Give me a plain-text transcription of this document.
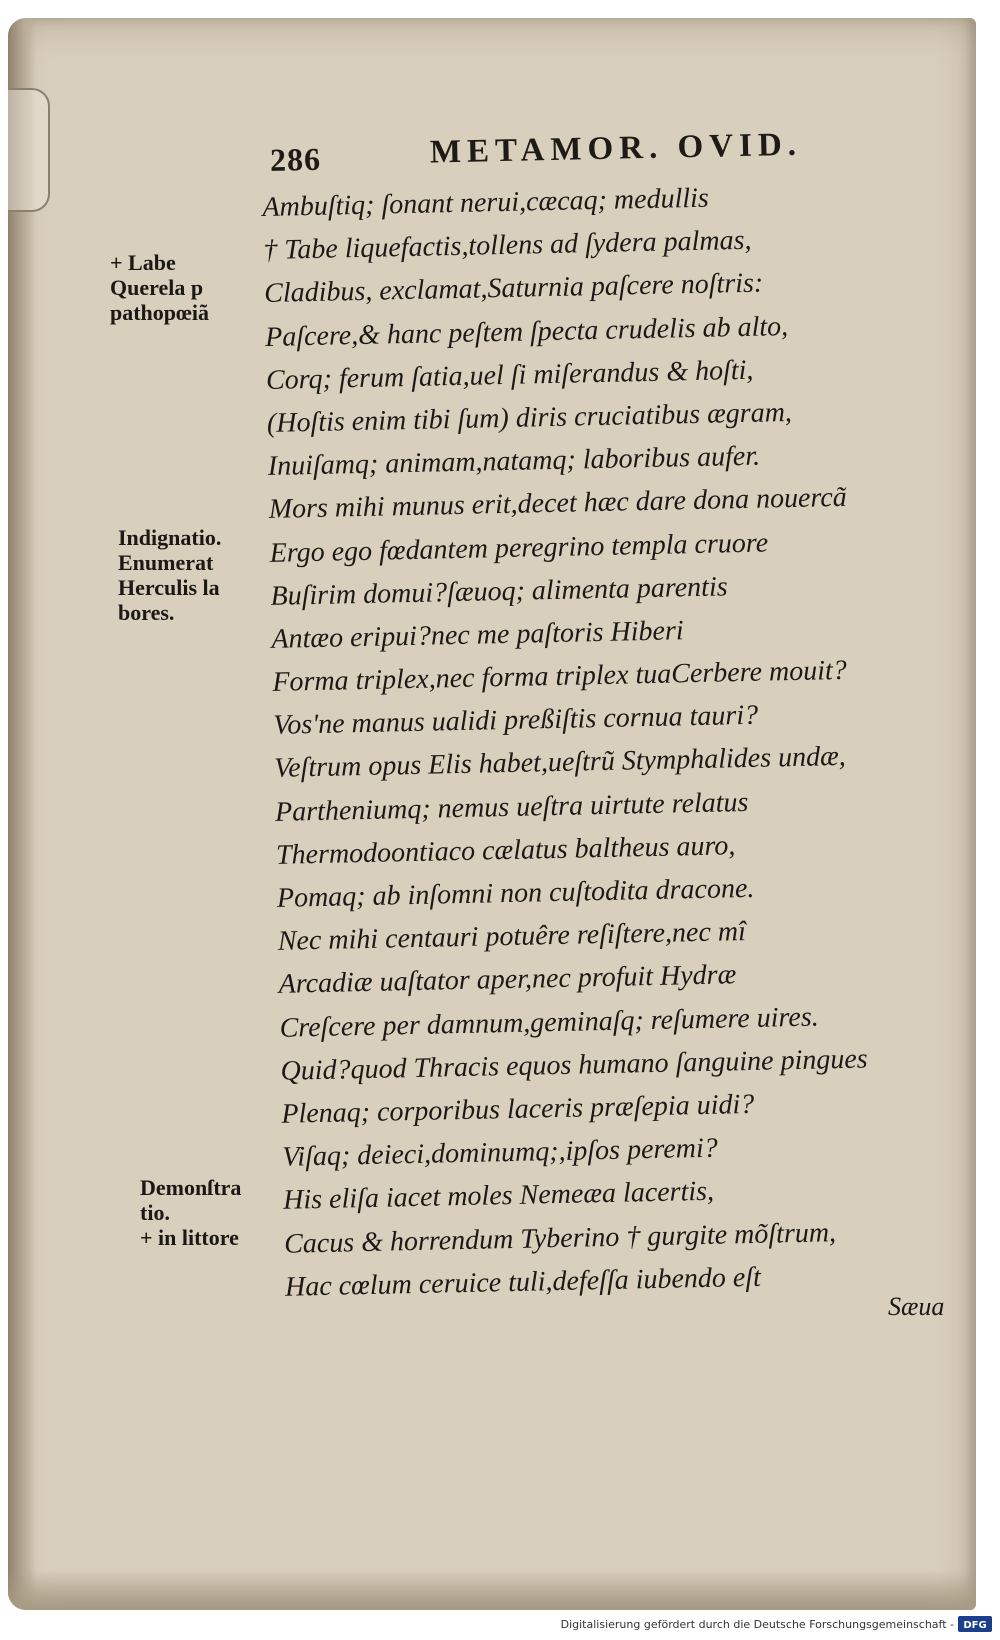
286	METAMOR. OVID.
Ambuſtiq; ſonant nerui,cæcaq; medullis
† Tabe liquefactis,tollens ad ſydera palmas,
Cladibus, exclamat,Saturnia paſcere noſtris:
Paſcere,& hanc peſtem ſpecta crudelis ab alto,
Corq; ferum ſatia,uel ſi miſerandus & hoſti,
(Hoſtis enim tibi ſum) diris cruciatibus ægram,
Inuiſamq; animam,natamq; laboribus aufer.
Mors mihi munus erit,decet hæc dare dona nouercã
Ergo ego fœdantem peregrino templa cruore
Buſirim domui?ſæuoq; alimenta parentis
Antæo eripui?nec me paſtoris Hiberi
Forma triplex,nec forma triplex tuaCerbere mouit?
Vos'ne manus ualidi preßiſtis cornua tauri?
Veſtrum opus Elis habet,ueſtrũ Stymphalides undæ,
Partheniumq; nemus ueſtra uirtute relatus
Thermodoontiaco cælatus baltheus auro,
Pomaq; ab inſomni non cuſtodita dracone.
Nec mihi centauri potuêre reſiſtere,nec mî
Arcadiæ uaſtator aper,nec profuit Hydræ
Creſcere per damnum,geminaſq; reſumere uires.
Quid?quod Thracis equos humano ſanguine pingues
Plenaq; corporibus laceris præſepia uidi?
Viſaq; deieci,dominumq;,ipſos peremi?
His eliſa iacet moles Nemeæa lacertis,
Cacus & horrendum Tyberino † gurgite mõſtrum,
Hac cœlum ceruice tuli,defeſſa iubendo eſt
Sæua
+ Labe
Querela p
pathopœiã
Indignatio.
Enumerat
Herculis la
bores.
Demonſtra
tio.
+ in littore
Digitalisierung gefördert durch die Deutsche Forschungsgemeinschaft - DFG
